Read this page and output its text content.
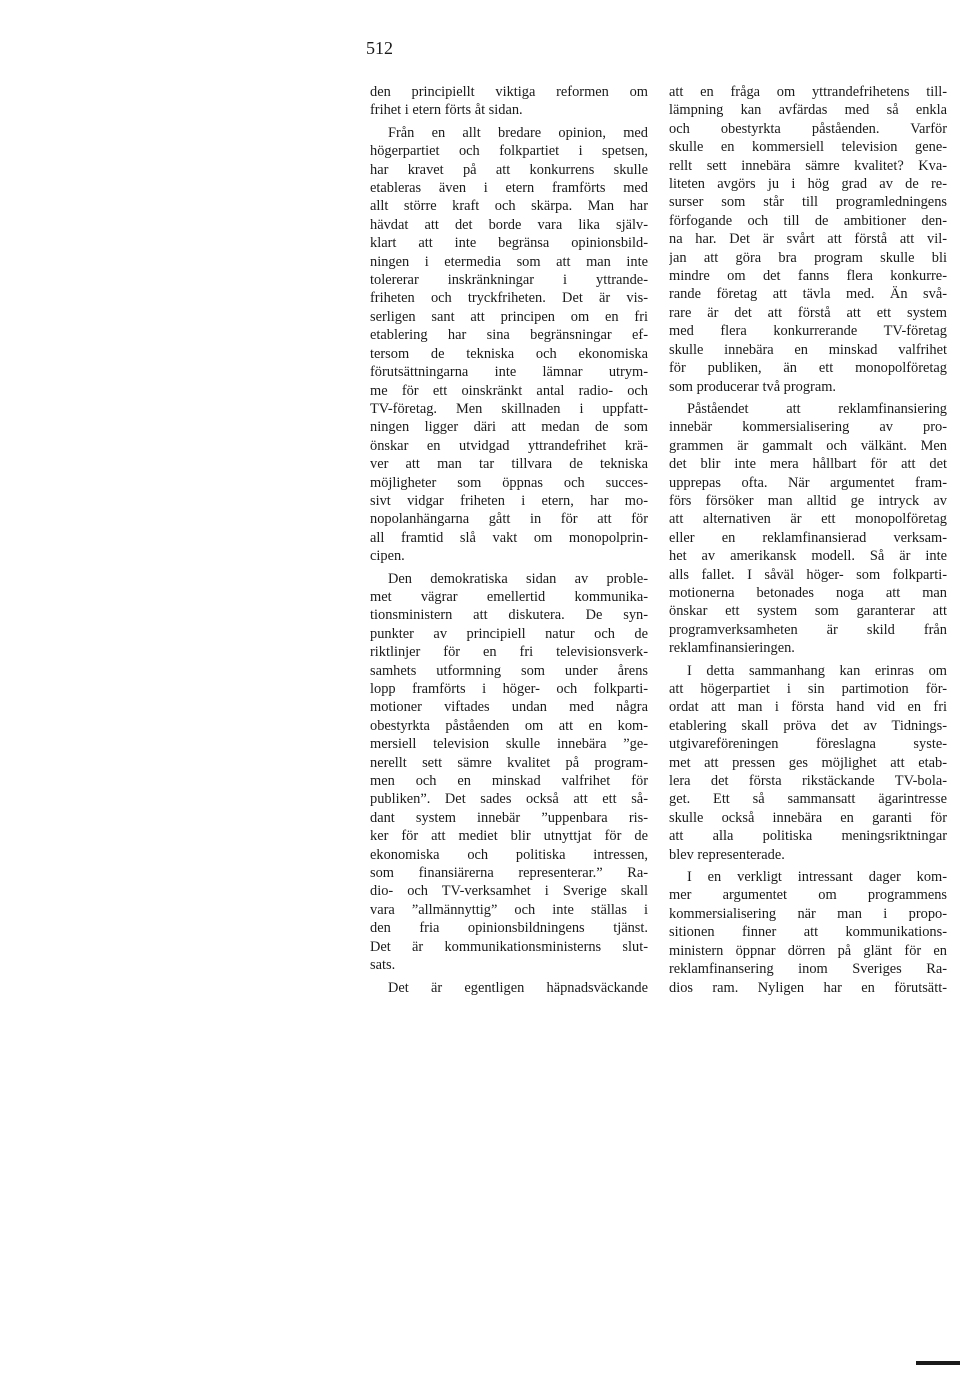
512
den principiellt viktiga reformen om
frihet i etern förts åt sidan.
Från en allt bredare opinion, med
högerpartiet och folkpartiet i spetsen,
har kravet på att konkurrens skulle
etableras även i etern framförts med
allt större kraft och skärpa. Man har
hävdat att det borde vara lika själv-
klart att inte begränsa opinionsbild-
ningen i etermedia som att man inte
tolererar inskränkningar i yttrande-
friheten och tryckfriheten. Det är vis-
serligen sant att principen om en fri
etablering har sina begränsningar ef-
tersom de tekniska och ekonomiska
förutsättningarna inte lämnar utrym-
me för ett oinskränkt antal radio- och
TV-företag. Men skillnaden i uppfatt-
ningen ligger däri att medan de som
önskar en utvidgad yttrandefrihet krä-
ver att man tar tillvara de tekniska
möjligheter som öppnas och succes-
sivt vidgar friheten i etern, har mo-
nopolanhängarna gått in för att för
all framtid slå vakt om monopolprin-
cipen.
Den demokratiska sidan av proble-
met vägrar emellertid kommunika-
tionsministern att diskutera. De syn-
punkter av principiell natur och de
riktlinjer för en fri televisionsverk-
samhets utformning som under årens
lopp framförts i höger- och folkparti-
motioner viftades undan med några
obestyrkta påståenden om att en kom-
mersiell television skulle innebära ”ge-
nerellt sett sämre kvalitet på program-
men och en minskad valfrihet för
publiken”. Det sades också att ett så-
dant system innebär ”uppenbara ris-
ker för att mediet blir utnyttjat för de
ekonomiska och politiska intressen,
som finansiärerna representerar.” Ra-
dio- och TV-verksamhet i Sverige skall
vara ”allmännyttig” och inte ställas i
den fria opinionsbildningens tjänst.
Det är kommunikationsministerns slut-
sats.
Det är egentligen häpnadsväckande
att en fråga om yttrandefrihetens till-
lämpning kan avfärdas med så enkla
och obestyrkta påståenden. Varför
skulle en kommersiell television gene-
rellt sett innebära sämre kvalitet? Kva-
liteten avgörs ju i hög grad av de re-
surser som står till programledningens
förfogande och till de ambitioner den-
na har. Det är svårt att förstå att vil-
jan att göra bra program skulle bli
mindre om det fanns flera konkurre-
rande företag att tävla med. Än svå-
rare är det att förstå att ett system
med flera konkurrerande TV-företag
skulle innebära en minskad valfrihet
för publiken, än ett monopolföretag
som producerar två program.
Påståendet att reklamfinansiering
innebär kommersialisering av pro-
grammen är gammalt och välkänt. Men
det blir inte mera hållbart för att det
upprepas ofta. När argumentet fram-
förs försöker man alltid ge intryck av
att alternativen är ett monopolföretag
eller en reklamfinansierad verksam-
het av amerikansk modell. Så är inte
alls fallet. I såväl höger- som folkparti-
motionerna betonades noga att man
önskar ett system som garanterar att
programverksamheten är skild från
reklamfinansieringen.
I detta sammanhang kan erinras om
att högerpartiet i sin partimotion för-
ordat att man i första hand vid en fri
etablering skall pröva det av Tidnings-
utgivareföreningen föreslagna syste-
met att pressen ges möjlighet att etab-
lera det första rikstäckande TV-bola-
get. Ett så sammansatt ägarintresse
skulle också innebära en garanti för
att alla politiska meningsriktningar
blev representerade.
I en verkligt intressant dager kom-
mer argumentet om programmens
kommersialisering när man i propo-
sitionen finner att kommunikations-
ministern öppnar dörren på glänt för en
reklamfinansering inom Sveriges Ra-
dios ram. Nyligen har en förutsätt-
